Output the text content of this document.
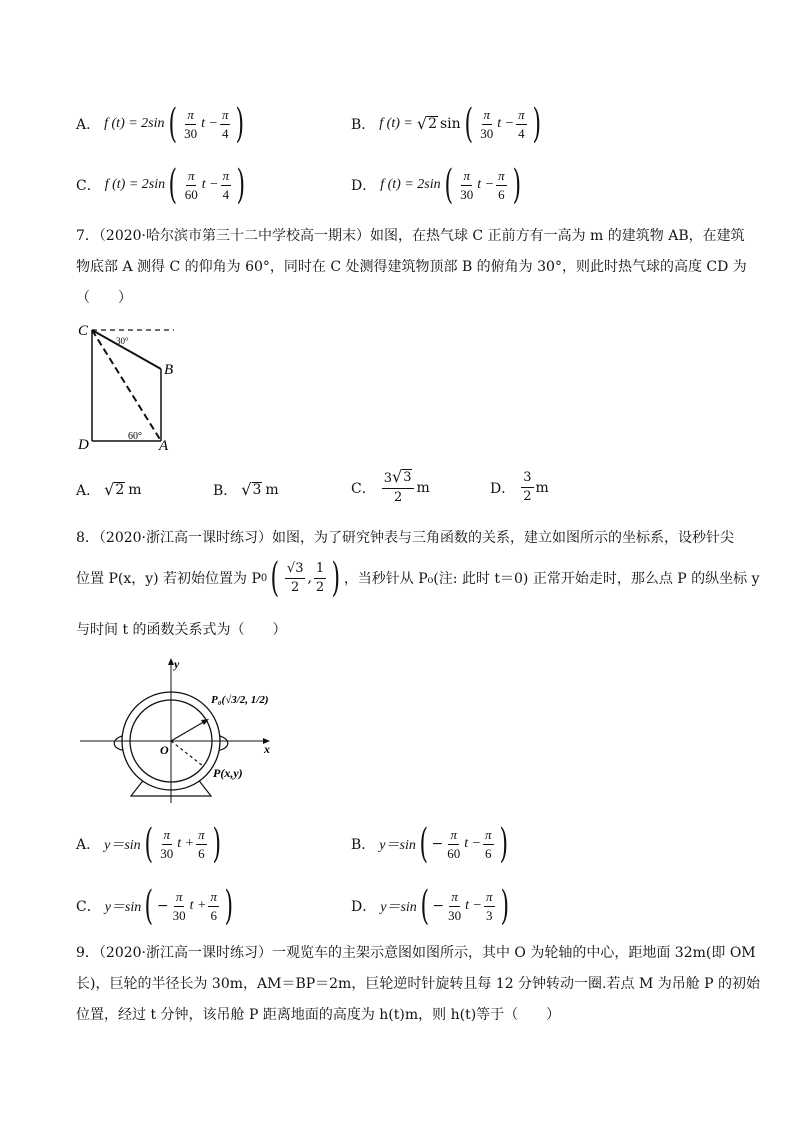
A． f (t) = 2sin ( $\frac{\pi}{30}$ $t - \frac{\pi}{4}$ )	B． f (t) = √ 2 sin ( $\frac{\pi}{30}$ $t - \frac{\pi}{4}$ )
C． f (t) = 2sin ( $\frac{\pi}{60}$ $t - \frac{\pi}{4}$ )	D． f (t) = 2sin ( $\frac{\pi}{30}$ $t - \frac{\pi}{6}$ )
7．（2020·哈尔滨市第三十二中学校高一期末）如图，在热气球 C 正前方有一高为 m 的建筑物 AB，在建筑
物底部 A 测得 C 的仰角为 60°，同时在 C 处测得建筑物顶部 B 的俯角为 30°，则此时热气球的高度 CD 为
（　　）
C
B
D	A
30°
60°
A． √ 2 m	B． √ 3 m	C． $\frac{3 √ 3}{2}$ m	D． $\frac{3}{2}$ m
8．（2020·浙江高一课时练习）如图，为了研究钟表与三角函数的关系，建立如图所示的坐标系，设秒针尖
位置 P(x，y) 若初始位置为 P 0 ( $\frac{√3}{2}$ , $\frac{1}{2}$ ) ，当秒针从 P₀(注: 此时 t＝0) 正常开始走时，那么点 P 的纵坐标 y
与时间 t 的函数关系式为（　　）
y
x
O
P₀(√3/2, 1/2)
P(x,y)
A． y＝sin ( $\frac{\pi}{30}$ $t + \frac{\pi}{6}$ )	B． y＝sin ( − $\frac{\pi}{60}$ $t - \frac{\pi}{6}$ )
C． y＝sin ( − $\frac{\pi}{30}$ $t + \frac{\pi}{6}$ )	D． y＝sin ( − $\frac{\pi}{30}$ $t - \frac{\pi}{3}$ )
9．（2020·浙江高一课时练习）一观览车的主架示意图如图所示，其中 O 为轮轴的中心，距地面 32m(即 OM
长)，巨轮的半径长为 30m，AM＝BP＝2m，巨轮逆时针旋转且每 12 分钟转动一圈.若点 M 为吊舱 P 的初始
位置，经过 t 分钟，该吊舱 P 距离地面的高度为 h(t)m，则 h(t)等于（　　）
